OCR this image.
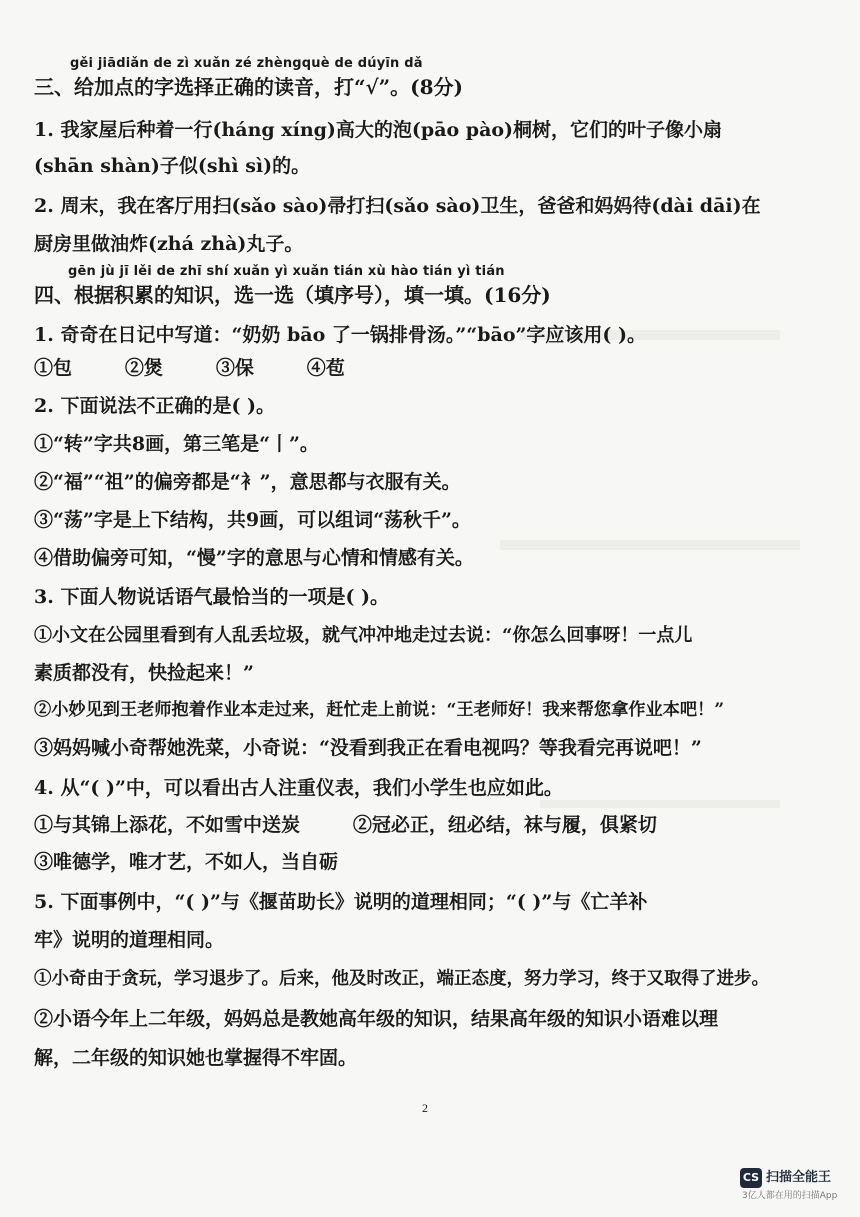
gěi jiādiǎn de zì xuǎn zé zhèngquè de dúyīn dǎ
三、给加点的字选择正确的读音，打“√”。(8分)
1. 我家屋后种着一行(háng xíng)高大的泡(pāo pào)桐树，它们的叶子像小扇
(shān shàn)子似(shì sì)的。
2. 周末，我在客厅用扫(sǎo sào)帚打扫(sǎo sào)卫生，爸爸和妈妈待(dài dāi)在
厨房里做油炸(zhá zhà)丸子。
gēn jù jī lěi de zhī shí xuǎn yì xuǎn tián xù hào tián yì tián
四、根据积累的知识，选一选（填序号），填一填。(16分)
1. 奇奇在日记中写道：“奶奶 bāo 了一锅排骨汤。”“bāo”字应该用( )。
①包        ②煲        ③保        ④苞
2. 下面说法不正确的是( )。
①“转”字共8画，第三笔是“丨”。
②“福”“祖”的偏旁都是“衤”，意思都与衣服有关。
③“荡”字是上下结构，共9画，可以组词“荡秋千”。
④借助偏旁可知，“慢”字的意思与心情和情感有关。
3. 下面人物说话语气最恰当的一项是( )。
①小文在公园里看到有人乱丢垃圾，就气冲冲地走过去说：“你怎么回事呀！一点儿
素质都没有，快捡起来！”
②小妙见到王老师抱着作业本走过来，赶忙走上前说：“王老师好！我来帮您拿作业本吧！”
③妈妈喊小奇帮她洗菜，小奇说：“没看到我正在看电视吗？等我看完再说吧！”
4. 从“( )”中，可以看出古人注重仪表，我们小学生也应如此。
①与其锦上添花，不如雪中送炭        ②冠必正，纽必结，袜与履，俱紧切
③唯德学，唯才艺，不如人，当自砺
5. 下面事例中，“( )”与《揠苗助长》说明的道理相同；“( )”与《亡羊补
牢》说明的道理相同。
①小奇由于贪玩，学习退步了。后来，他及时改正，端正态度，努力学习，终于又取得了进步。
②小语今年上二年级，妈妈总是教她高年级的知识，结果高年级的知识小语难以理
解，二年级的知识她也掌握得不牢固。
2
CS 扫描全能王
3亿人都在用的扫描App
